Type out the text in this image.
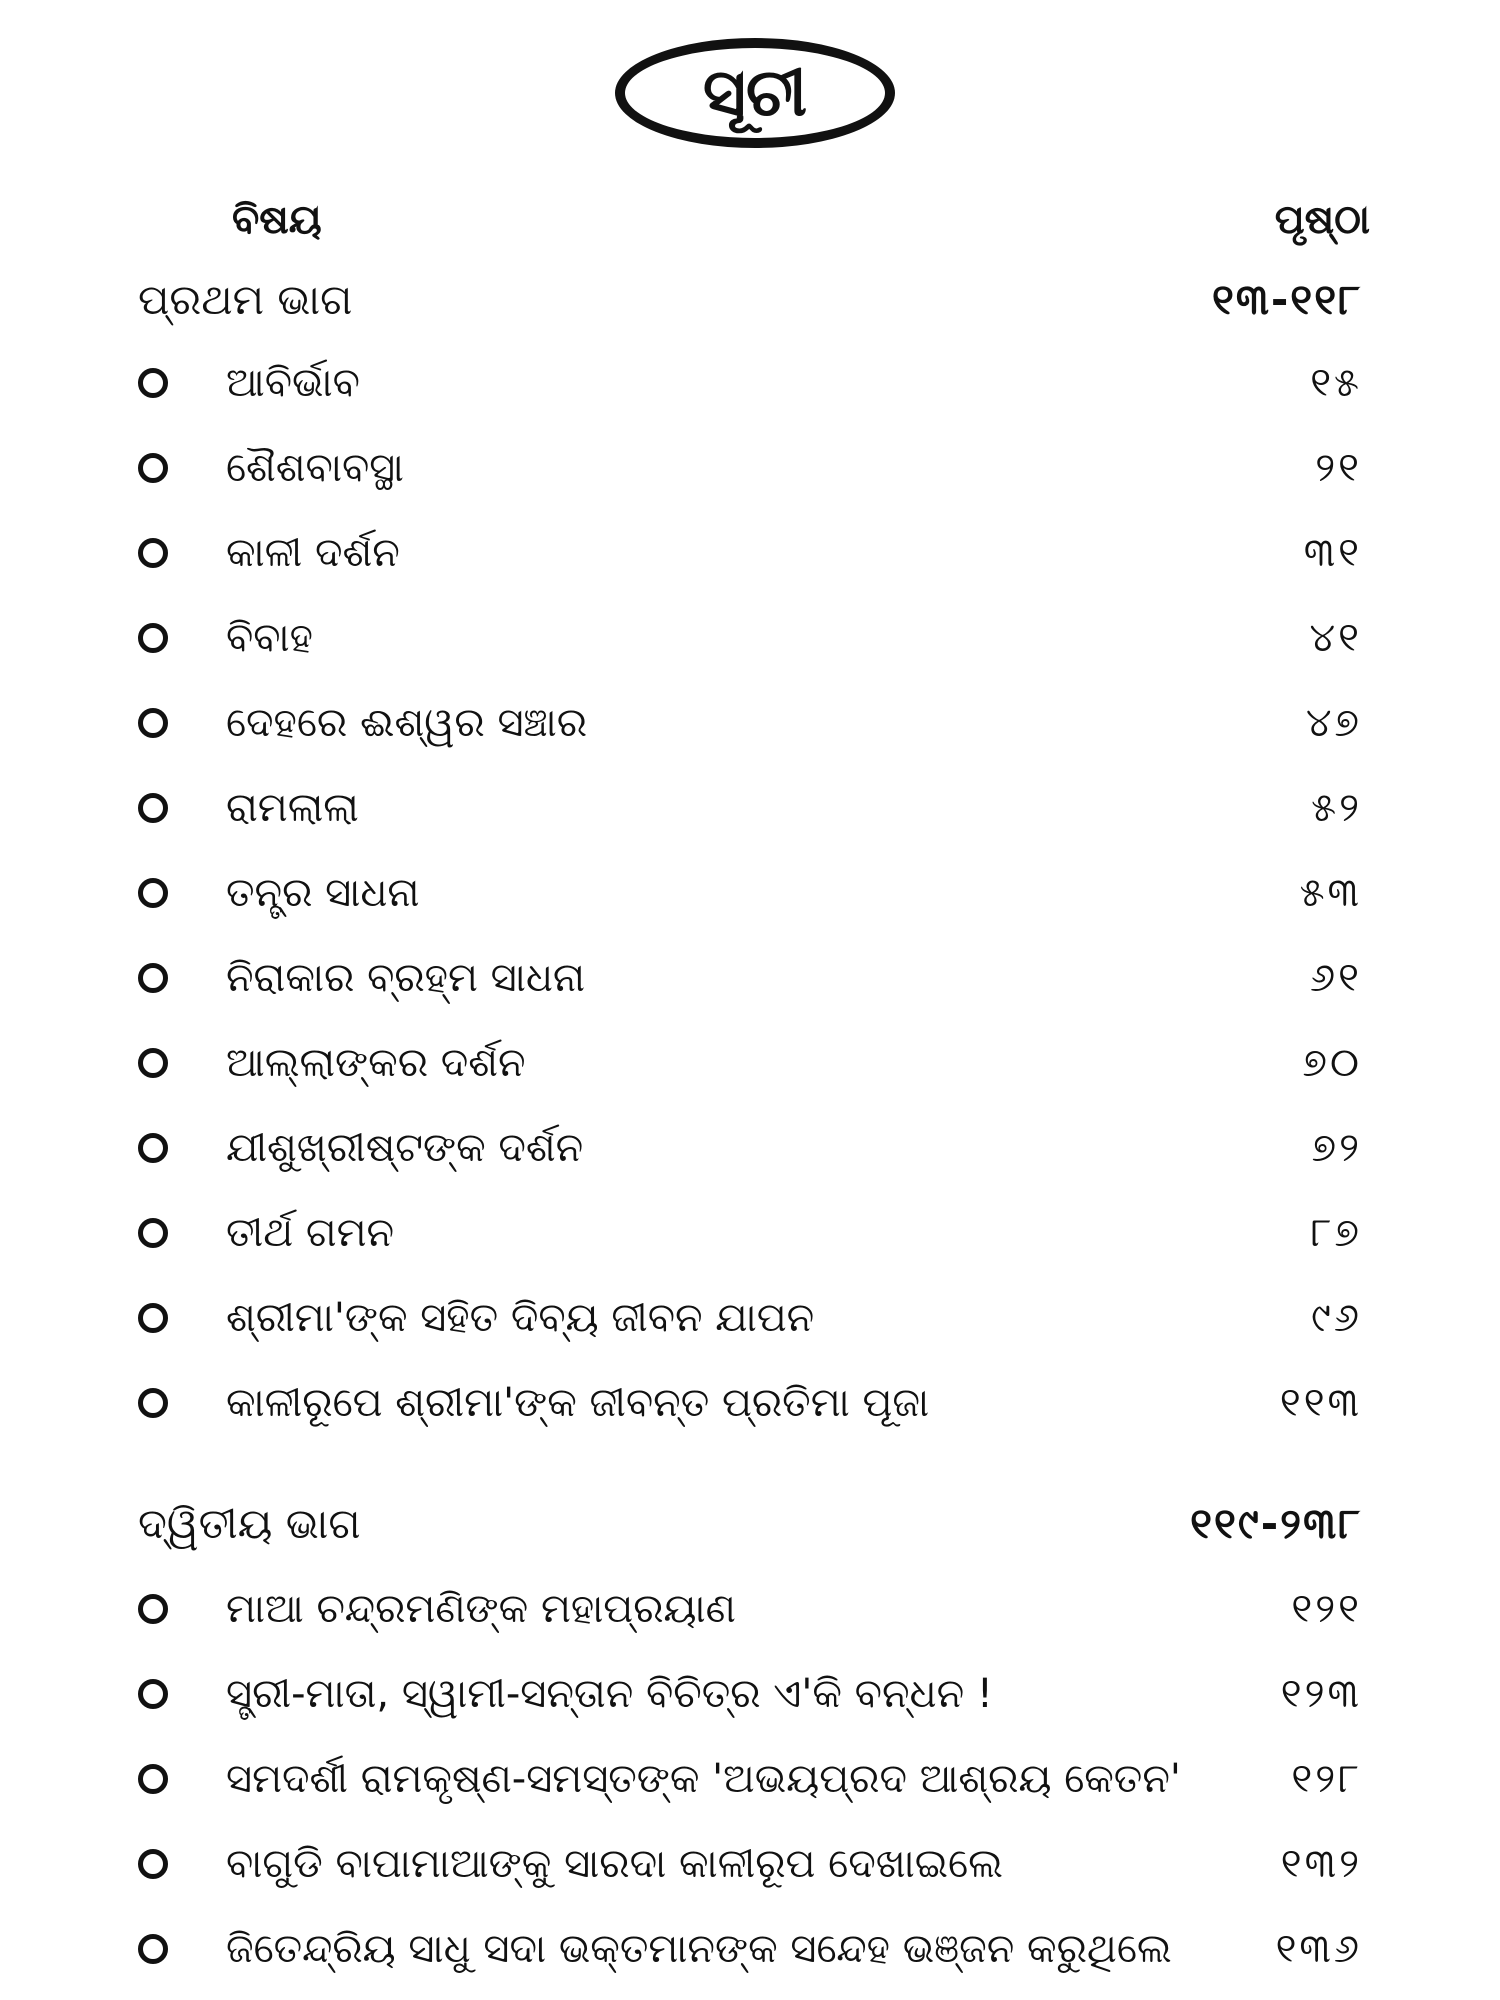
ସୂଚୀ
ବିଷୟ	ପୃଷ୍ଠା
ପ୍ରଥମ ଭାଗ	୧୩-୧୧୮
ଆବିର୍ଭାବ	୧୫
ଶୈଶବାବସ୍ଥା	୨୧
କାଳୀ ଦର୍ଶନ	୩୧
ବିବାହ	୪୧
ଦେହରେ ଈଶ୍ୱର ସଞ୍ଚାର	୪୭
ରାମଲାଲା	୫୨
ତନ୍ତ୍ର ସାଧନା	୫୩
ନିରାକାର ବ୍ରହ୍ମ ସାଧନା	୬୧
ଆଲ୍ଲାଙ୍କର ଦର୍ଶନ	୭୦
ଯୀଶୁଖ୍ରୀଷ୍ଟଙ୍କ ଦର୍ଶନ	୭୨
ତୀର୍ଥ ଗମନ	୮୭
ଶ୍ରୀମା'ଙ୍କ ସହିତ ଦିବ୍ୟ ଜୀବନ ଯାପନ	୯୬
କାଳୀରୂପେ ଶ୍ରୀମା'ଙ୍କ ଜୀବନ୍ତ ପ୍ରତିମା ପୂଜା	୧୧୩
ଦ୍ୱିତୀୟ ଭାଗ	୧୧୯-୨୩୮
ମାଆ ଚନ୍ଦ୍ରମଣିଙ୍କ ମହାପ୍ରୟାଣ	୧୨୧
ସ୍ତ୍ରୀ-ମାତା, ସ୍ୱାମୀ-ସନ୍ତାନ ବିଚିତ୍ର ଏ'କି ବନ୍ଧନ !	୧୨୩
ସମଦର୍ଶୀ ରାମକୃଷ୍ଣ-ସମସ୍ତଙ୍କ 'ଅଭୟପ୍ରଦ ଆଶ୍ରୟ କେତନ'	୧୨୮
ବାଗୁଡି ବାପାମାଆଙ୍କୁ ସାରଦା କାଳୀରୂପ ଦେଖାଇଲେ	୧୩୨
ଜିତେନ୍ଦ୍ରିୟ ସାଧୁ ସଦା ଭକ୍ତମାନଙ୍କ ସନ୍ଦେହ ଭଞ୍ଜନ କରୁଥିଲେ	୧୩୬
